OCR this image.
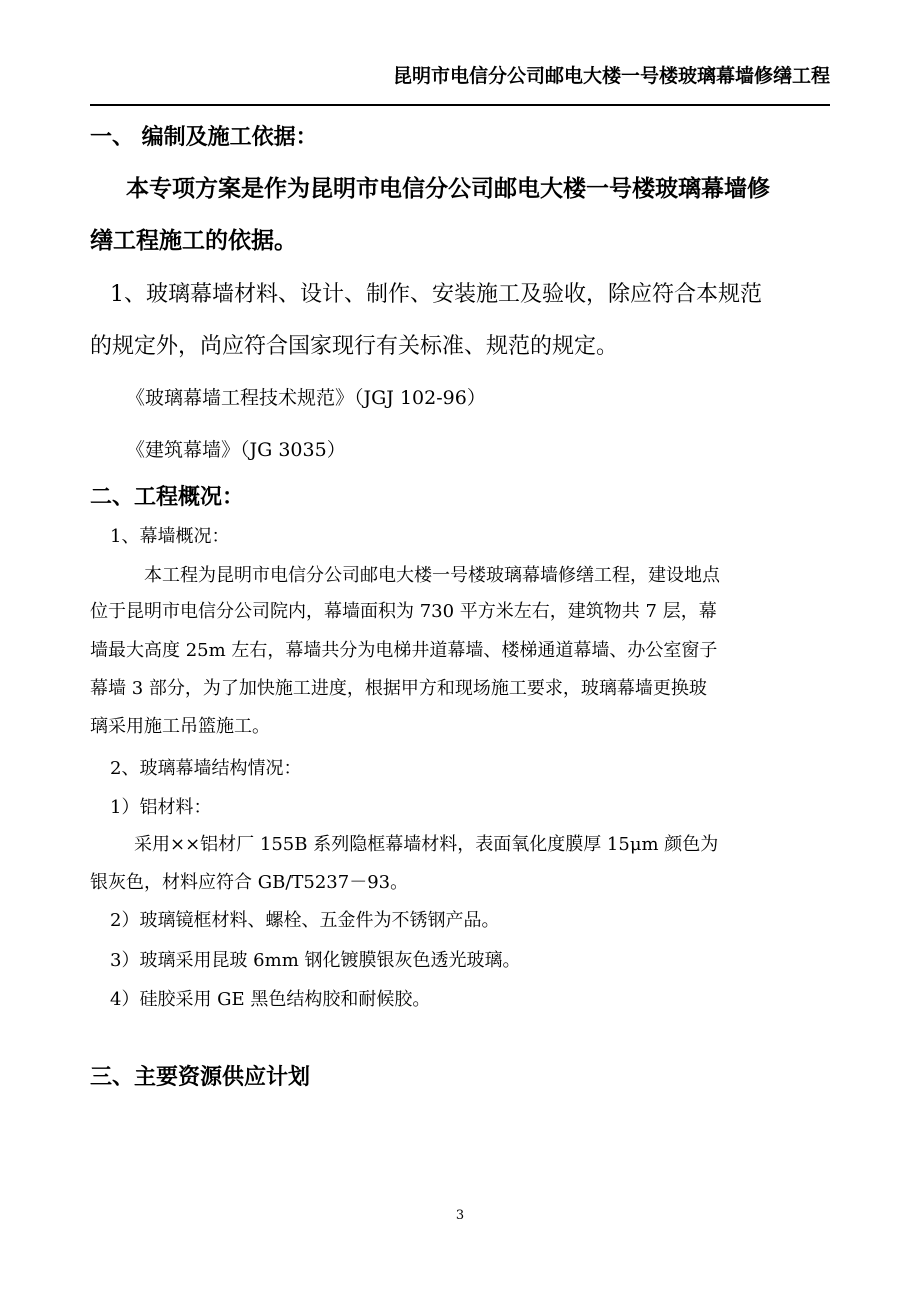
昆明市电信分公司邮电大楼一号楼玻璃幕墙修缮工程
一、 编制及施工依据：
本专项方案是作为昆明市电信分公司邮电大楼一号楼玻璃幕墙修
缮工程施工的依据。
1、玻璃幕墙材料、设计、制作、安装施工及验收，除应符合本规范
的规定外，尚应符合国家现行有关标准、规范的规定。
《玻璃幕墙工程技术规范》（JGJ 102-96）
《建筑幕墙》（JG 3035）
二、工程概况：
1、幕墙概况：
本工程为昆明市电信分公司邮电大楼一号楼玻璃幕墙修缮工程，建设地点
位于昆明市电信分公司院内，幕墙面积为 730 平方米左右，建筑物共 7 层，幕
墙最大高度 25m 左右，幕墙共分为电梯井道幕墙、楼梯通道幕墙、办公室窗子
幕墙 3 部分，为了加快施工进度，根据甲方和现场施工要求，玻璃幕墙更换玻
璃采用施工吊篮施工。
2、玻璃幕墙结构情况：
1）铝材料：
采用××铝材厂 155B 系列隐框幕墙材料，表面氧化度膜厚 15μm 颜色为
银灰色，材料应符合 GB/T5237－93。
2）玻璃镜框材料、螺栓、五金件为不锈钢产品。
3）玻璃采用昆玻 6mm 钢化镀膜银灰色透光玻璃。
4）硅胶采用 GE 黑色结构胶和耐候胶。
三、主要资源供应计划
3
